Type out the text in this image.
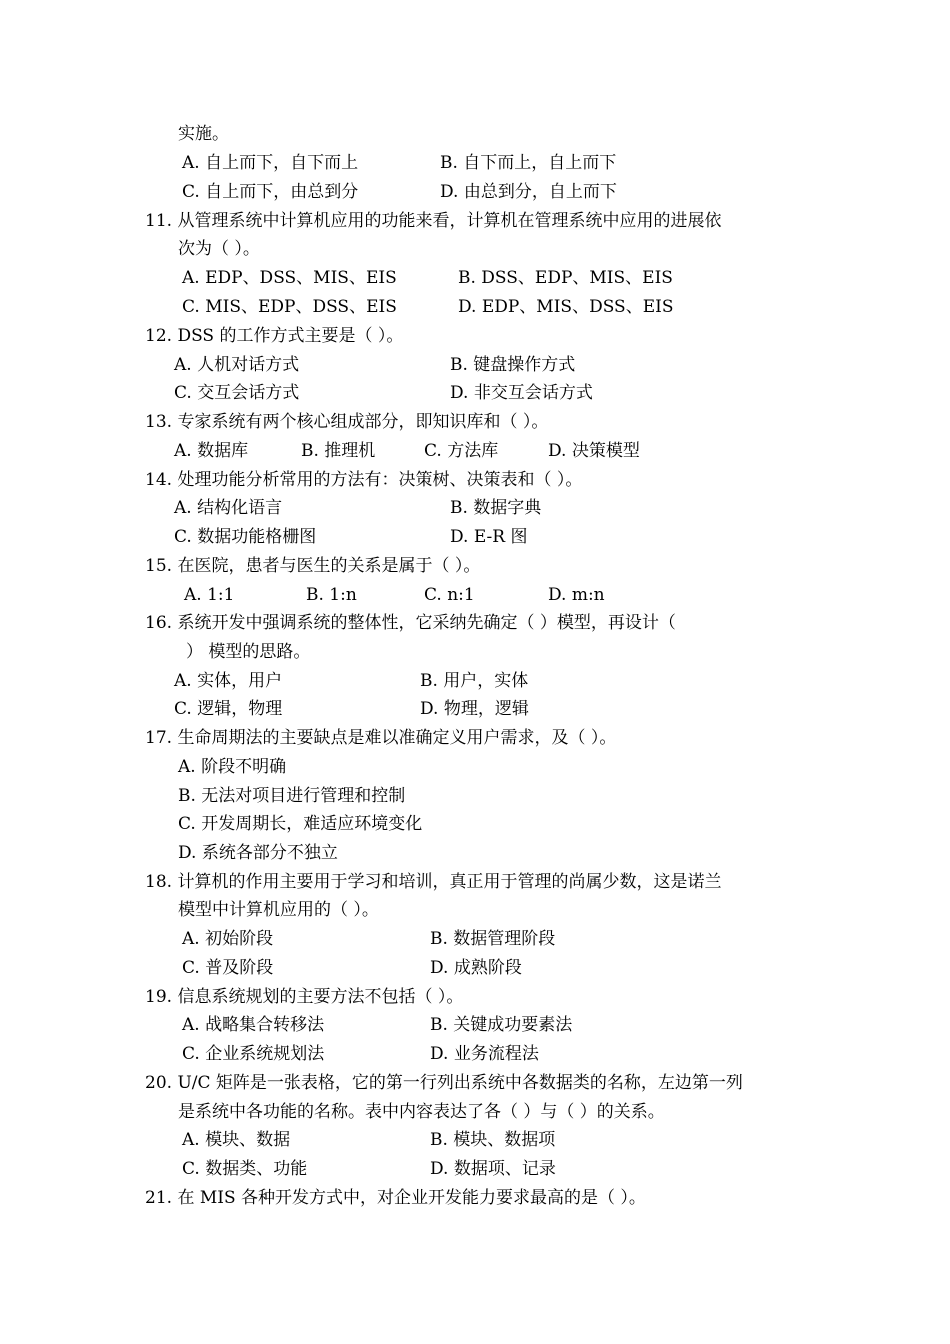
实施。
A. 自上而下，自下而上	B. 自下而上，自上而下
C. 自上而下，由总到分	D. 由总到分，自上而下
11. 从管理系统中计算机应用的功能来看，计算机在管理系统中应用的进展依
次为（ ）。
A. EDP、DSS、MIS、EIS	B. DSS、EDP、MIS、EIS
C. MIS、EDP、DSS、EIS	D. EDP、MIS、DSS、EIS
12. DSS 的工作方式主要是（ ）。
A. 人机对话方式	B. 键盘操作方式
C. 交互会话方式	D. 非交互会话方式
13. 专家系统有两个核心组成部分，即知识库和（ ）。
A. 数据库	B. 推理机	C. 方法库	D. 决策模型
14. 处理功能分析常用的方法有：决策树、决策表和（ ）。
A. 结构化语言	B. 数据字典
C. 数据功能格栅图	D. E-R 图
15. 在医院，患者与医生的关系是属于（ ）。
A. 1:1	B. 1:n	C. n:1	D. m:n
16. 系统开发中强调系统的整体性，它采纳先确定（ ）模型，再设计（
） 模型的思路。
A. 实体，用户	B. 用户，实体
C. 逻辑，物理	D. 物理，逻辑
17. 生命周期法的主要缺点是难以准确定义用户需求，及（ ）。
A. 阶段不明确
B. 无法对项目进行管理和控制
C. 开发周期长，难适应环境变化
D. 系统各部分不独立
18. 计算机的作用主要用于学习和培训，真正用于管理的尚属少数，这是诺兰
模型中计算机应用的（ ）。
A. 初始阶段	B. 数据管理阶段
C. 普及阶段	D. 成熟阶段
19. 信息系统规划的主要方法不包括（ ）。
A. 战略集合转移法	B. 关键成功要素法
C. 企业系统规划法	D. 业务流程法
20. U/C 矩阵是一张表格，它的第一行列出系统中各数据类的名称，左边第一列
是系统中各功能的名称。表中内容表达了各（ ）与（ ）的关系。
A. 模块、数据	B. 模块、数据项
C. 数据类、功能	D. 数据项、记录
21. 在 MIS 各种开发方式中，对企业开发能力要求最高的是（ ）。
